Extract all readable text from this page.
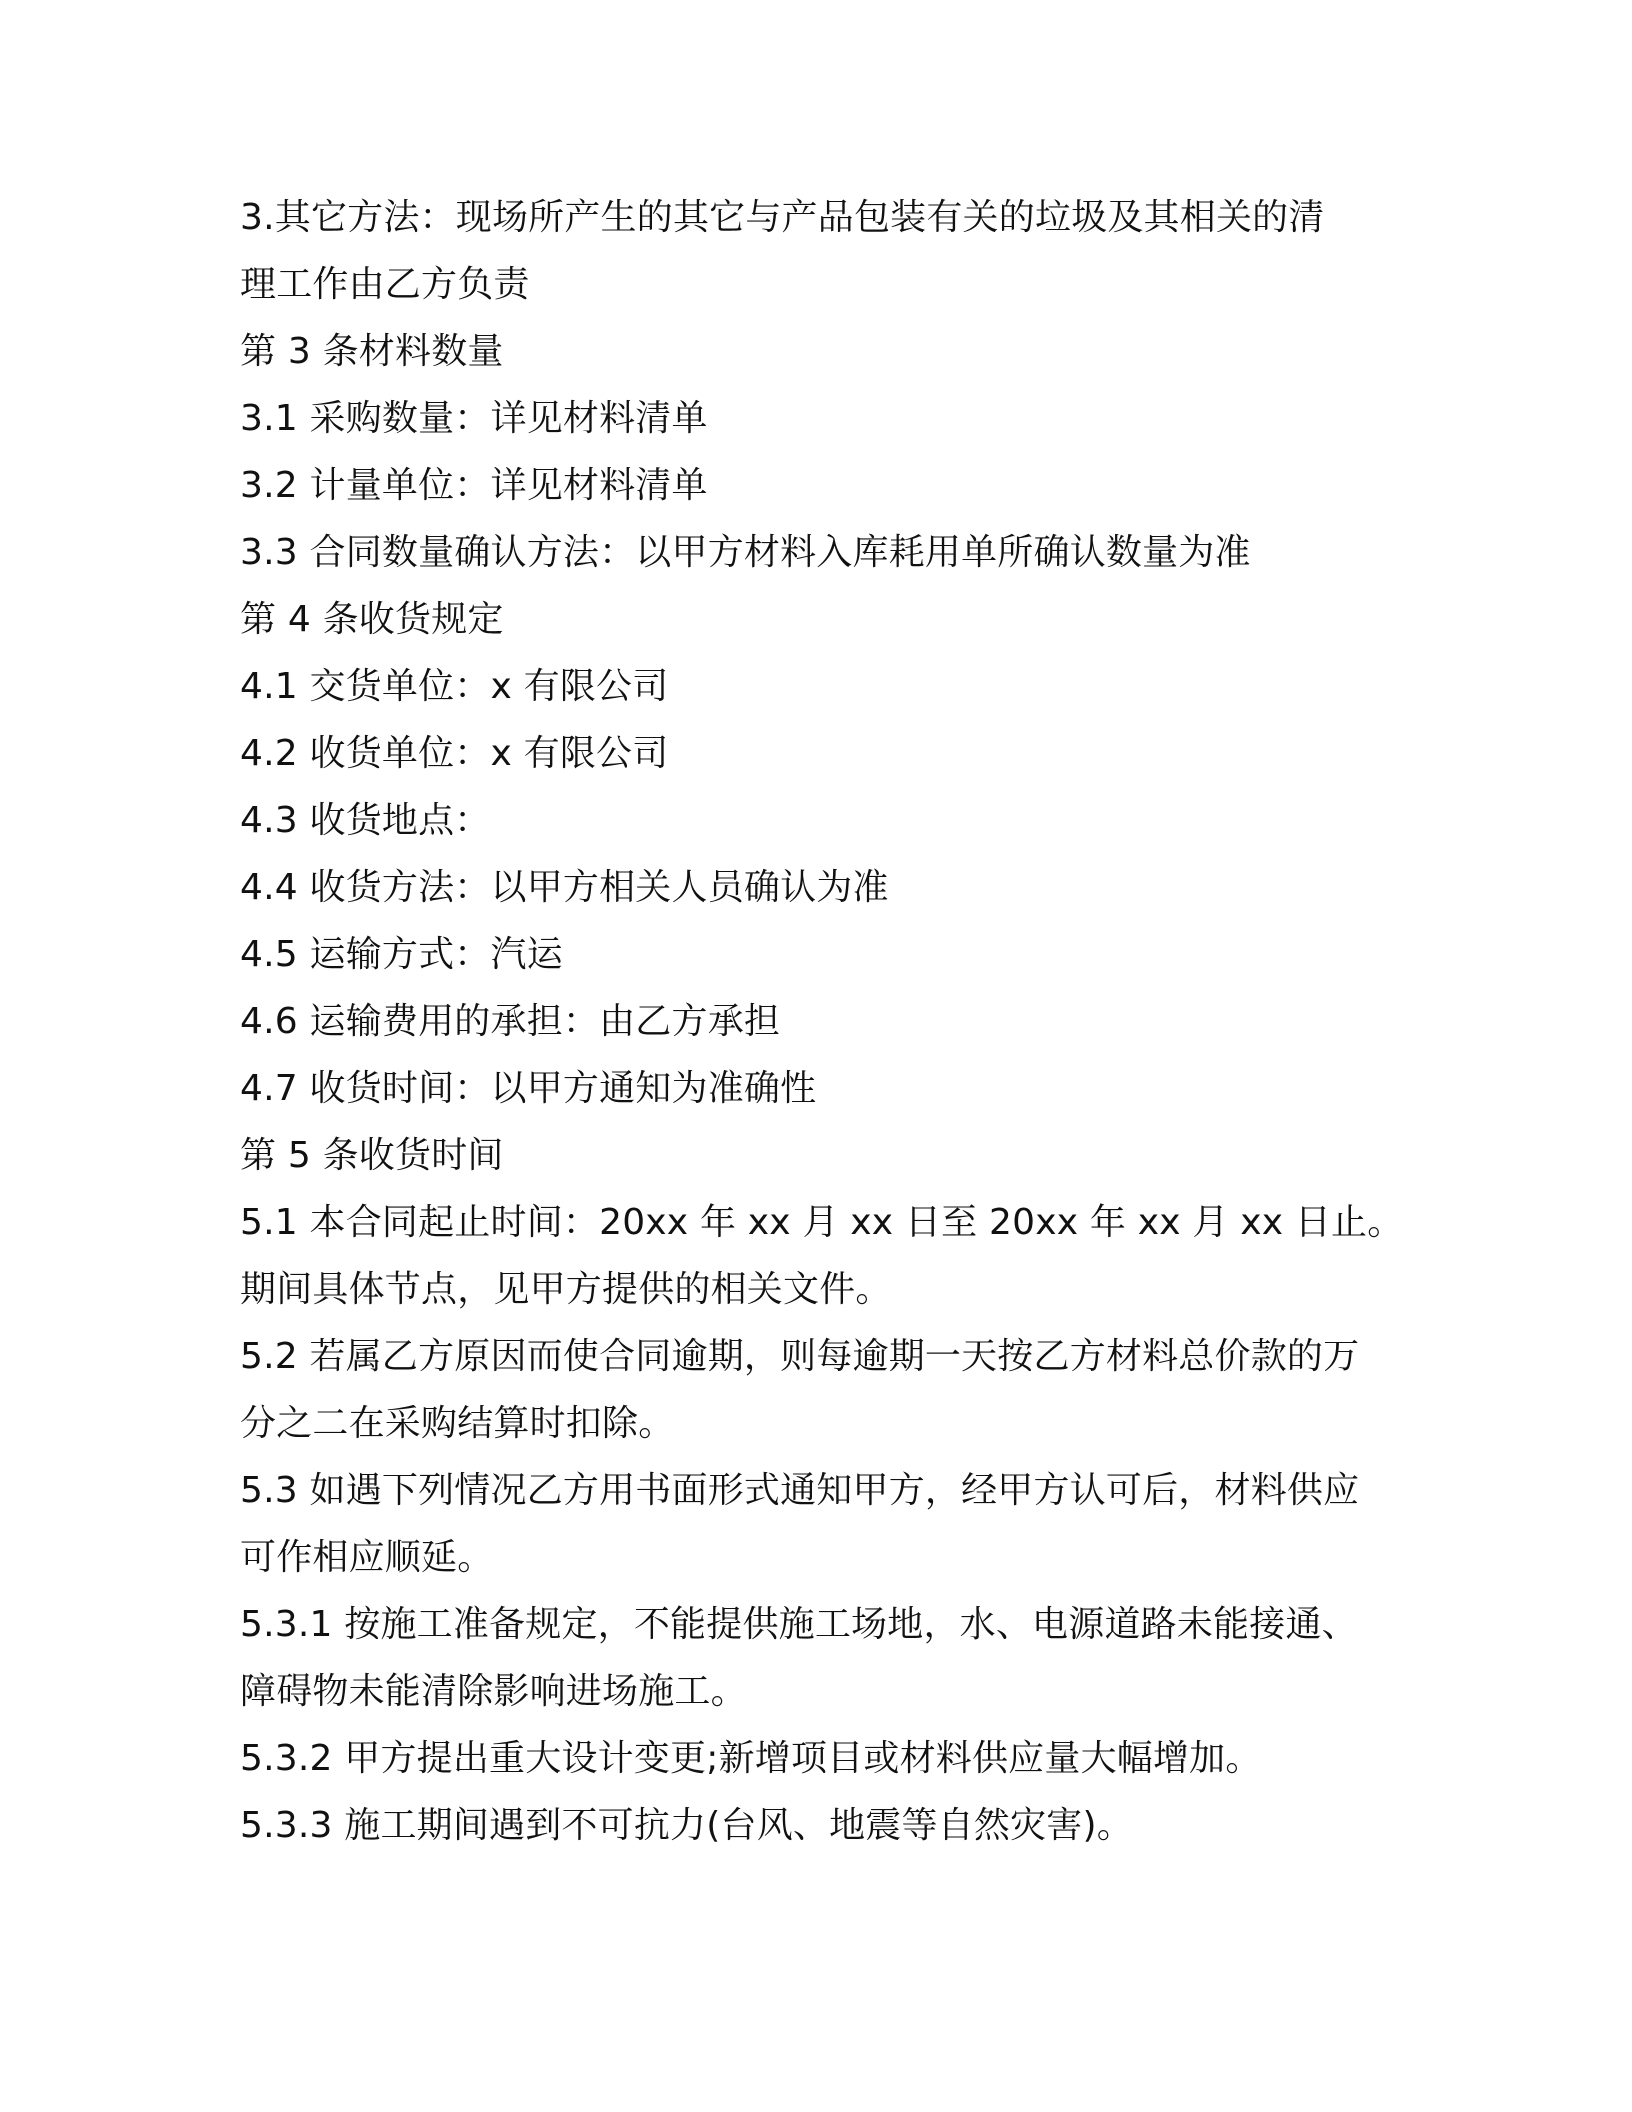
3.其它方法：现场所产生的其它与产品包装有关的垃圾及其相关的清
理工作由乙方负责
第 3 条材料数量
3.1 采购数量：详见材料清单
3.2 计量单位：详见材料清单
3.3 合同数量确认方法：以甲方材料入库耗用单所确认数量为准
第 4 条收货规定
4.1 交货单位：x 有限公司
4.2 收货单位：x 有限公司
4.3 收货地点：
4.4 收货方法：以甲方相关人员确认为准
4.5 运输方式：汽运
4.6 运输费用的承担：由乙方承担
4.7 收货时间：以甲方通知为准确性
第 5 条收货时间
5.1 本合同起止时间：20xx 年 xx 月 xx 日至 20xx 年 xx 月 xx 日止。
期间具体节点，见甲方提供的相关文件。
5.2 若属乙方原因而使合同逾期，则每逾期一天按乙方材料总价款的万
分之二在采购结算时扣除。
5.3 如遇下列情况乙方用书面形式通知甲方，经甲方认可后，材料供应
可作相应顺延。
5.3.1 按施工准备规定，不能提供施工场地，水、电源道路未能接通、
障碍物未能清除影响进场施工。
5.3.2 甲方提出重大设计变更;新增项目或材料供应量大幅增加。
5.3.3 施工期间遇到不可抗力(台风、地震等自然灾害)。
